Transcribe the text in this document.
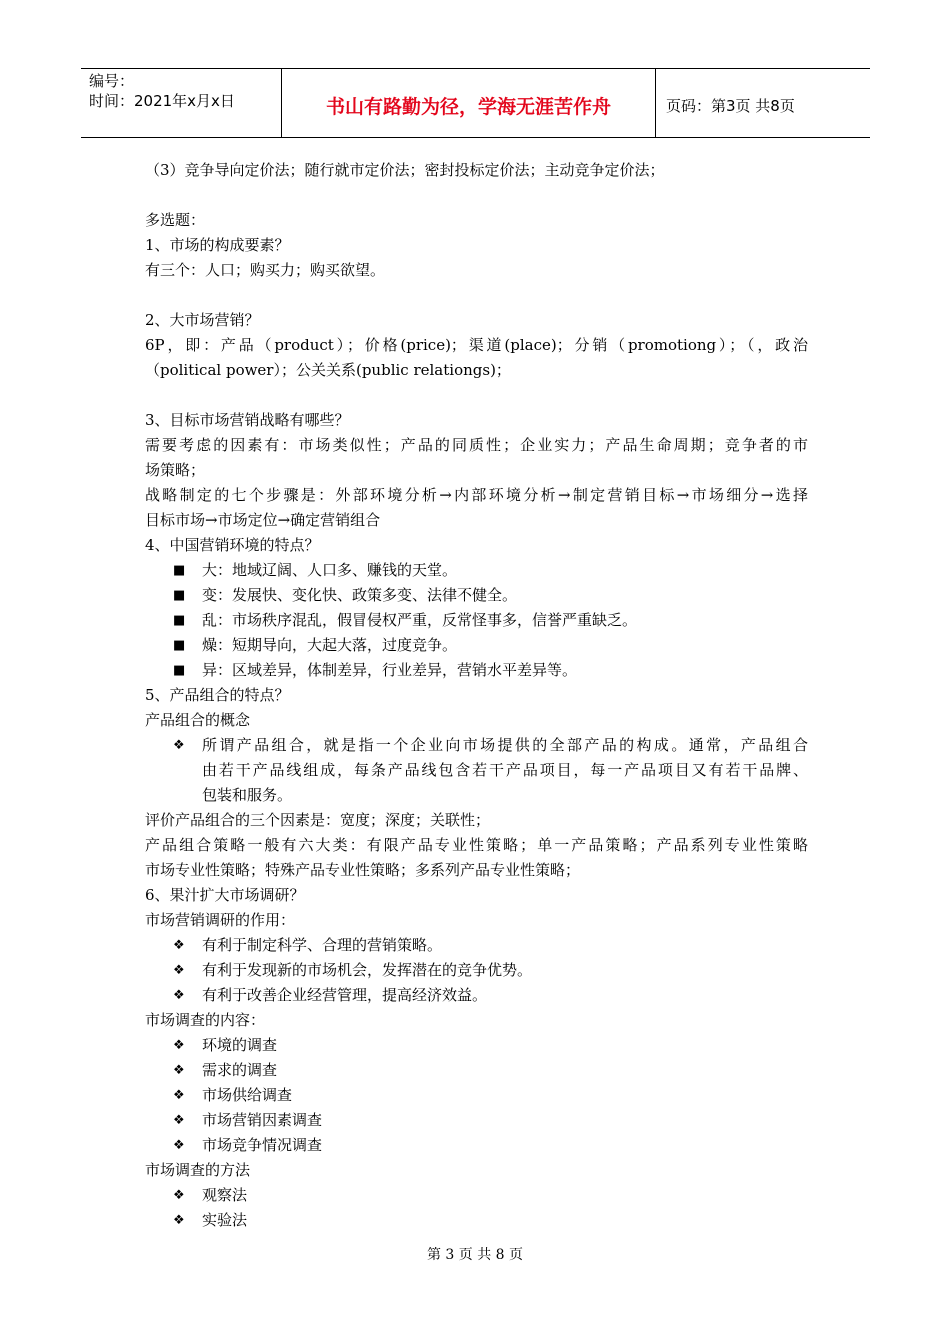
编号：
时间：2021年x月x日	书山有路勤为径，学海无涯苦作舟	页码：第3页 共8页
（3）竞争导向定价法；随行就市定价法；密封投标定价法；主动竞争定价法；
多选题：
1、市场的构成要素？
有三个：人口；购买力；购买欲望。
2、大市场营销？
6P，即：产品（product）；价格(price)；渠道(place)；分销（promotiong）；（，政治
（political power）；公关关系(public relationgs)；
3、目标市场营销战略有哪些？
需要考虑的因素有：市场类似性；产品的同质性；企业实力；产品生命周期；竞争者的市
场策略；
战略制定的七个步骤是：外部环境分析→内部环境分析→制定营销目标→市场细分→选择
目标市场→市场定位→确定营销组合
4、中国营销环境的特点？
■ 大：地域辽阔、人口多、赚钱的天堂。
■ 变：发展快、变化快、政策多变、法律不健全。
■ 乱：市场秩序混乱，假冒侵权严重，反常怪事多，信誉严重缺乏。
■ 燥：短期导向，大起大落，过度竞争。
■ 异：区域差异，体制差异，行业差异，营销水平差异等。
5、产品组合的特点？
产品组合的概念
❖ 所谓产品组合，就是指一个企业向市场提供的全部产品的构成。通常，产品组合
由若干产品线组成，每条产品线包含若干产品项目，每一产品项目又有若干品牌、
包装和服务。
评价产品组合的三个因素是：宽度；深度；关联性；
产品组合策略一般有六大类：有限产品专业性策略；单一产品策略；产品系列专业性策略
市场专业性策略；特殊产品专业性策略；多系列产品专业性策略；
6、果汁扩大市场调研？
市场营销调研的作用：
❖ 有利于制定科学、合理的营销策略。
❖ 有利于发现新的市场机会，发挥潜在的竞争优势。
❖ 有利于改善企业经营管理，提高经济效益。
市场调查的内容：
❖ 环境的调查
❖ 需求的调查
❖ 市场供给调查
❖ 市场营销因素调查
❖ 市场竞争情况调查
市场调查的方法
❖ 观察法
❖ 实验法
第 3 页 共 8 页
